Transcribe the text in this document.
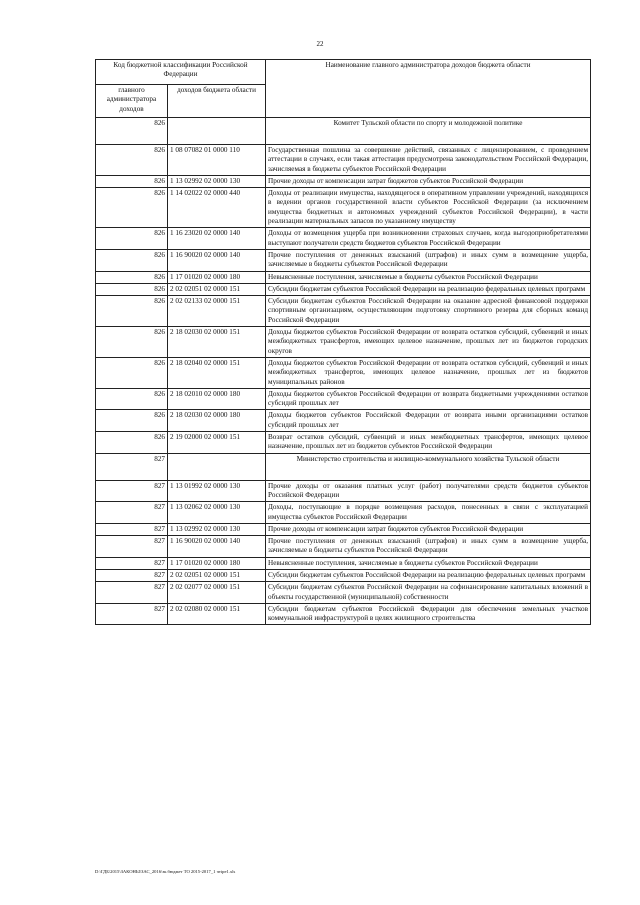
22
Код бюджетной классификации Российской Федерации		Наименование главного администратора доходов бюджета области
главного администратора доходов	доходов бюджета области	
826		Комитет Тульской области по спорту и молодежной политике
826	1 08 07082 01 0000 110	Государственная пошлина за совершение действий, связанных с лицензированием, с проведением аттестации в случаях, если такая аттестация предусмотрена законодательством Российской Федерации, зачисляемая в бюджеты субъектов Российской Федерации
826	1 13 02992 02 0000 130	Прочие доходы от компенсации затрат бюджетов субъектов Российской Федерации
826	1 14 02022 02 0000 440	Доходы от реализации имущества, находящегося в оперативном управлении учреждений, находящихся в ведении органов государственной власти субъектов Российской Федерации (за исключением имущества бюджетных и автономных учреждений субъектов Российской Федерации), в части реализации материальных запасов по указанному имуществу
826	1 16 23020 02 0000 140	Доходы от возмещения ущерба при возникновении страховых случаев, когда выгодоприобретателями выступают получатели средств бюджетов субъектов Российской Федерации
826	1 16 90020 02 0000 140	Прочие поступления от денежных взысканий (штрафов) и иных сумм в возмещение ущерба, зачисляемые в бюджеты субъектов Российской Федерации
826	1 17 01020 02 0000 180	Невыясненные поступления, зачисляемые в бюджеты субъектов Российской Федерации
826	2 02 02051 02 0000 151	Субсидии бюджетам субъектов Российской Федерации на реализацию федеральных целевых программ
826	2 02 02133 02 0000 151	Субсидии бюджетам субъектов Российской Федерации на оказание адресной финансовой поддержки спортивным организациям, осуществляющим подготовку спортивного резерва для сборных команд Российской Федерации
826	2 18 02030 02 0000 151	Доходы бюджетов субъектов Российской Федерации от возврата остатков субсидий, субвенций и иных межбюджетных трансфертов, имеющих целевое назначение, прошлых лет из бюджетов городских округов
826	2 18 02040 02 0000 151	Доходы бюджетов субъектов Российской Федерации от возврата остатков субсидий, субвенций и иных межбюджетных трансфертов, имеющих целевое назначение, прошлых лет из бюджетов муниципальных районов
826	2 18 02010 02 0000 180	Доходы бюджетов субъектов Российской Федерации от возврата бюджетными учреждениями остатков субсидий прошлых лет
826	2 18 02030 02 0000 180	Доходы бюджетов субъектов Российской Федерации от возврата иными организациями остатков субсидий прошлых лет
826	2 19 02000 02 0000 151	Возврат остатков субсидий, субвенций и иных межбюджетных трансфертов, имеющих целевое назначение, прошлых лет из бюджетов субъектов Российской Федерации
827		Министерство строительства и жилищно-коммунального хозяйства Тульской области
827	1 13 01992 02 0000 130	Прочие доходы от оказания платных услуг (работ) получателями средств бюджетов субъектов Российской Федерации
827	1 13 02062 02 0000 130	Доходы, поступающие в порядке возмещения расходов, понесенных в связи с эксплуатацией имущества субъектов Российской Федерации
827	1 13 02992 02 0000 130	Прочие доходы от компенсации затрат бюджетов субъектов Российской Федерации
827	1 16 90020 02 0000 140	Прочие поступления от денежных взысканий (штрафов) и иных сумм в возмещение ущерба, зачисляемые в бюджеты субъектов Российской Федерации
827	1 17 01020 02 0000 180	Невыясненные поступления, зачисляемые в бюджеты субъектов Российской Федерации
827	2 02 02051 02 0000 151	Субсидии бюджетам субъектов Российской Федерации на реализацию федеральных целевых программ
827	2 02 02077 02 0000 151	Субсидии бюджетам субъектов Российской Федерации на софинансирование капитальных вложений в объекты государственной (муниципальной) собственности
827	2 02 02080 02 0000 151	Субсидии бюджетам субъектов Российской Федерации для обеспечения земельных участков коммунальной инфраструктурой в целях жилищного строительства
D:\ГДБ\2015\ЗАКОНЫ\ЗАС_2016\зк.бюджет ТО 2015-2017_1 чтіре1.xls
